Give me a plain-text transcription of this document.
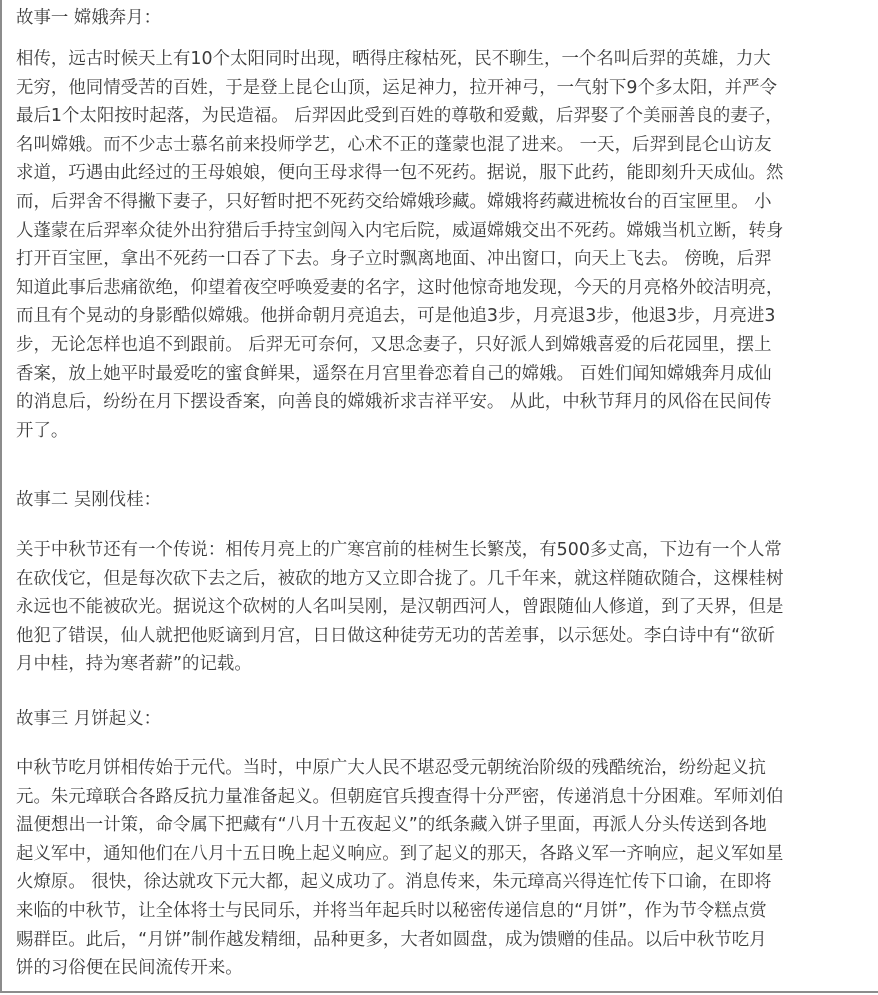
故事一 嫦娥奔月：
相传，远古时候天上有10个太阳同时出现，晒得庄稼枯死，民不聊生，一个名叫后羿的英雄，力大
无穷，他同情受苦的百姓，于是登上昆仑山顶，运足神力，拉开神弓，一气射下9个多太阳，并严令
最后1个太阳按时起落，为民造福。 后羿因此受到百姓的尊敬和爱戴，后羿娶了个美丽善良的妻子，
名叫嫦娥。而不少志士慕名前来投师学艺，心术不正的蓬蒙也混了进来。 一天，后羿到昆仑山访友
求道，巧遇由此经过的王母娘娘，便向王母求得一包不死药。据说，服下此药，能即刻升天成仙。然
而，后羿舍不得撇下妻子，只好暂时把不死药交给嫦娥珍藏。嫦娥将药藏进梳妆台的百宝匣里。 小
人蓬蒙在后羿率众徒外出狩猎后手持宝剑闯入内宅后院，威逼嫦娥交出不死药。嫦娥当机立断，转身
打开百宝匣，拿出不死药一口吞了下去。身子立时飘离地面、冲出窗口，向天上飞去。 傍晚，后羿
知道此事后悲痛欲绝，仰望着夜空呼唤爱妻的名字，这时他惊奇地发现，今天的月亮格外皎洁明亮，
而且有个晃动的身影酷似嫦娥。他拼命朝月亮追去，可是他追3步，月亮退3步，他退3步，月亮进3
步，无论怎样也追不到跟前。 后羿无可奈何，又思念妻子，只好派人到嫦娥喜爱的后花园里，摆上
香案，放上她平时最爱吃的蜜食鲜果，遥祭在月宫里眷恋着自己的嫦娥。 百姓们闻知嫦娥奔月成仙
的消息后，纷纷在月下摆设香案，向善良的嫦娥祈求吉祥平安。 从此，中秋节拜月的风俗在民间传
开了。
故事二 吴刚伐桂：
关于中秋节还有一个传说：相传月亮上的广寒宫前的桂树生长繁茂，有500多丈高，下边有一个人常
在砍伐它，但是每次砍下去之后，被砍的地方又立即合拢了。几千年来，就这样随砍随合，这棵桂树
永远也不能被砍光。据说这个砍树的人名叫吴刚，是汉朝西河人，曾跟随仙人修道，到了天界，但是
他犯了错误，仙人就把他贬谪到月宫，日日做这种徒劳无功的苦差事，以示惩处。李白诗中有“欲斫
月中桂，持为寒者薪”的记载。
故事三 月饼起义：
中秋节吃月饼相传始于元代。当时，中原广大人民不堪忍受元朝统治阶级的残酷统治，纷纷起义抗
元。朱元璋联合各路反抗力量准备起义。但朝庭官兵搜查得十分严密，传递消息十分困难。军师刘伯
温便想出一计策，命令属下把藏有“八月十五夜起义”的纸条藏入饼子里面，再派人分头传送到各地
起义军中，通知他们在八月十五日晚上起义响应。到了起义的那天，各路义军一齐响应，起义军如星
火燎原。 很快，徐达就攻下元大都，起义成功了。消息传来，朱元璋高兴得连忙传下口谕，在即将
来临的中秋节，让全体将士与民同乐，并将当年起兵时以秘密传递信息的“月饼”，作为节令糕点赏
赐群臣。此后，“月饼”制作越发精细，品种更多，大者如圆盘，成为馈赠的佳品。以后中秋节吃月
饼的习俗便在民间流传开来。
